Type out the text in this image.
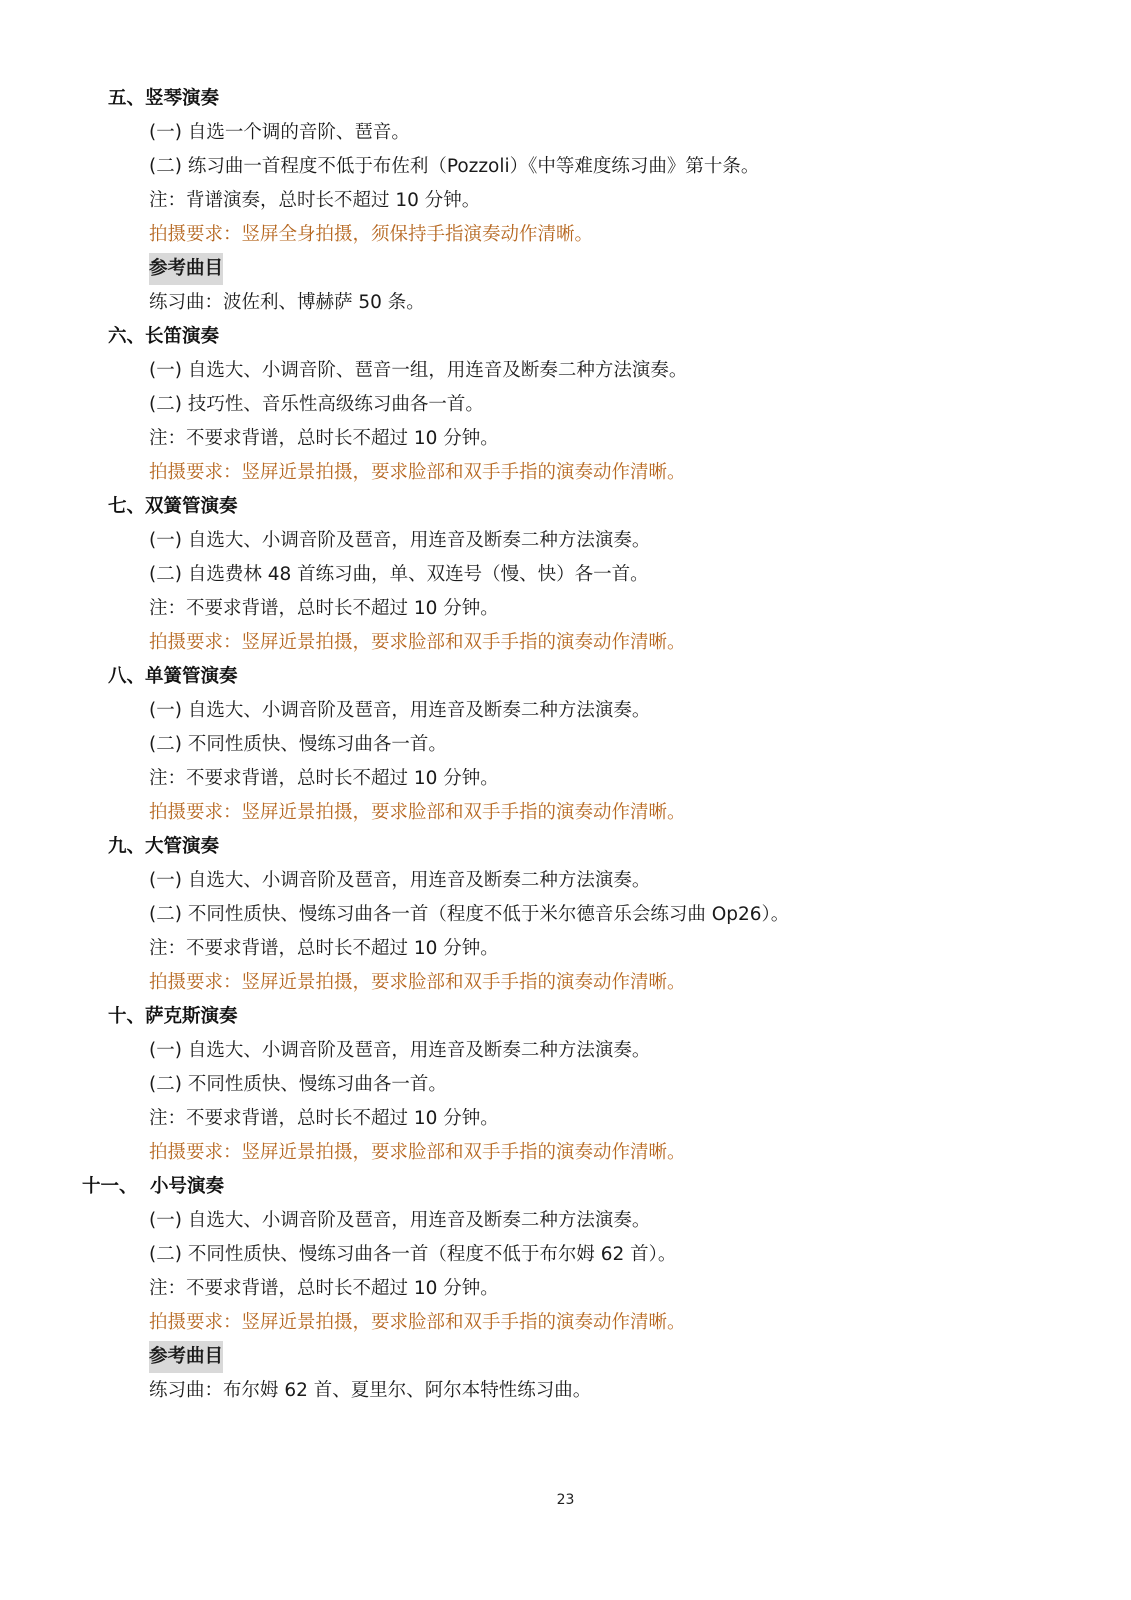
五、竖琴演奏
(一) 自选一个调的音阶、琶音。
(二) 练习曲一首程度不低于布佐利（Pozzoli）《中等难度练习曲》第十条。
注：背谱演奏，总时长不超过 10 分钟。
拍摄要求：竖屏全身拍摄，须保持手指演奏动作清晰。
参考曲目
练习曲：波佐利、博赫萨 50 条。
六、长笛演奏
(一) 自选大、小调音阶、琶音一组，用连音及断奏二种方法演奏。
(二) 技巧性、音乐性高级练习曲各一首。
注：不要求背谱，总时长不超过 10 分钟。
拍摄要求：竖屏近景拍摄，要求脸部和双手手指的演奏动作清晰。
七、双簧管演奏
(一) 自选大、小调音阶及琶音，用连音及断奏二种方法演奏。
(二) 自选费林 48 首练习曲，单、双连号（慢、快）各一首。
注：不要求背谱，总时长不超过 10 分钟。
拍摄要求：竖屏近景拍摄，要求脸部和双手手指的演奏动作清晰。
八、单簧管演奏
(一) 自选大、小调音阶及琶音，用连音及断奏二种方法演奏。
(二) 不同性质快、慢练习曲各一首。
注：不要求背谱，总时长不超过 10 分钟。
拍摄要求：竖屏近景拍摄，要求脸部和双手手指的演奏动作清晰。
九、大管演奏
(一) 自选大、小调音阶及琶音，用连音及断奏二种方法演奏。
(二) 不同性质快、慢练习曲各一首（程度不低于米尔德音乐会练习曲 Op26）。
注：不要求背谱，总时长不超过 10 分钟。
拍摄要求：竖屏近景拍摄，要求脸部和双手手指的演奏动作清晰。
十、萨克斯演奏
(一) 自选大、小调音阶及琶音，用连音及断奏二种方法演奏。
(二) 不同性质快、慢练习曲各一首。
注：不要求背谱，总时长不超过 10 分钟。
拍摄要求：竖屏近景拍摄，要求脸部和双手手指的演奏动作清晰。
十一、 小号演奏
(一) 自选大、小调音阶及琶音，用连音及断奏二种方法演奏。
(二) 不同性质快、慢练习曲各一首（程度不低于布尔姆 62 首）。
注：不要求背谱，总时长不超过 10 分钟。
拍摄要求：竖屏近景拍摄，要求脸部和双手手指的演奏动作清晰。
参考曲目
练习曲：布尔姆 62 首、夏里尔、阿尔本特性练习曲。
23
